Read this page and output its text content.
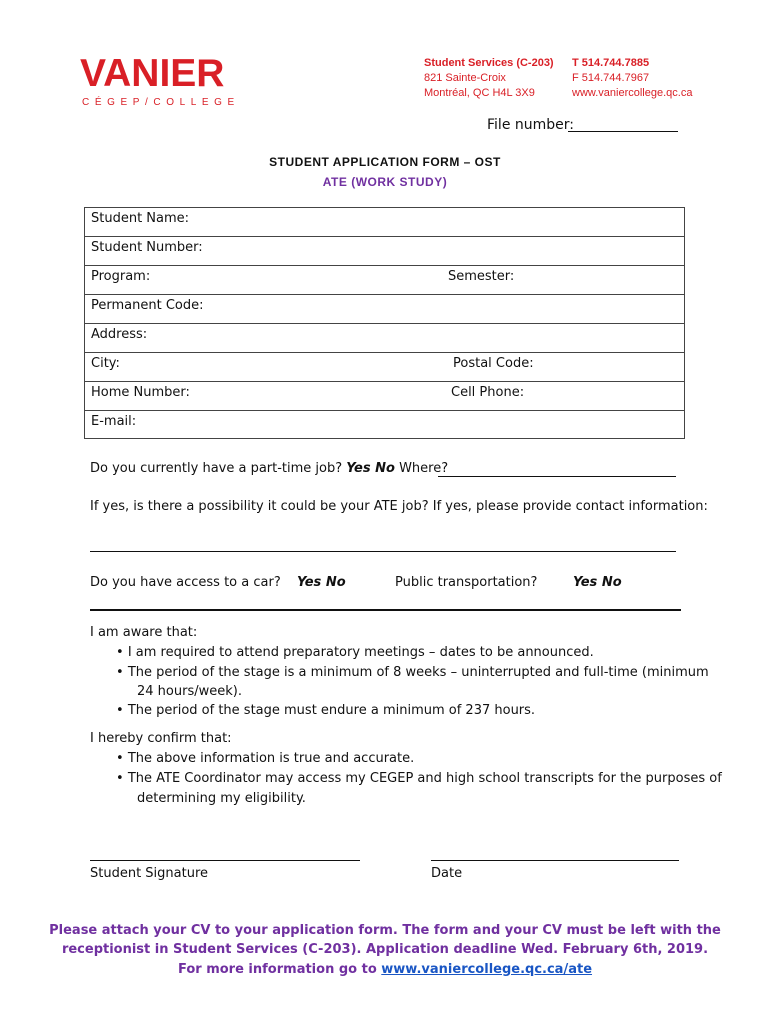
VANIER
CÉGEP/COLLEGE
Student Services (C-203)
821 Sainte-Croix
Montréal, QC H4L 3X9
T 514.744.7885
F 514.744.7967
www.vaniercollege.qc.ca
File number:
STUDENT APPLICATION FORM – OST
ATE (WORK STUDY)
Student Name:
Student Number:
Program:	Semester:
Permanent Code:
Address:
City:	Postal Code:
Home Number:	Cell Phone:
E-mail:
Do you currently have a part-time job? Yes No Where?
If yes, is there a possibility it could be your ATE job? If yes, please provide contact information:
Do you have access to a car? Yes No	Public transportation?	Yes No
I am aware that:
• I am required to attend preparatory meetings – dates to be announced.
• The period of the stage is a minimum of 8 weeks – uninterrupted and full-time (minimum
24 hours/week).
• The period of the stage must endure a minimum of 237 hours.
I hereby confirm that:
• The above information is true and accurate.
• The ATE Coordinator may access my CEGEP and high school transcripts for the purposes of
determining my eligibility.
Student Signature	Date
Please attach your CV to your application form. The form and your CV must be left with the
receptionist in Student Services (C-203). Application deadline Wed. February 6th, 2019.
For more information go to www.vaniercollege.qc.ca/ate
